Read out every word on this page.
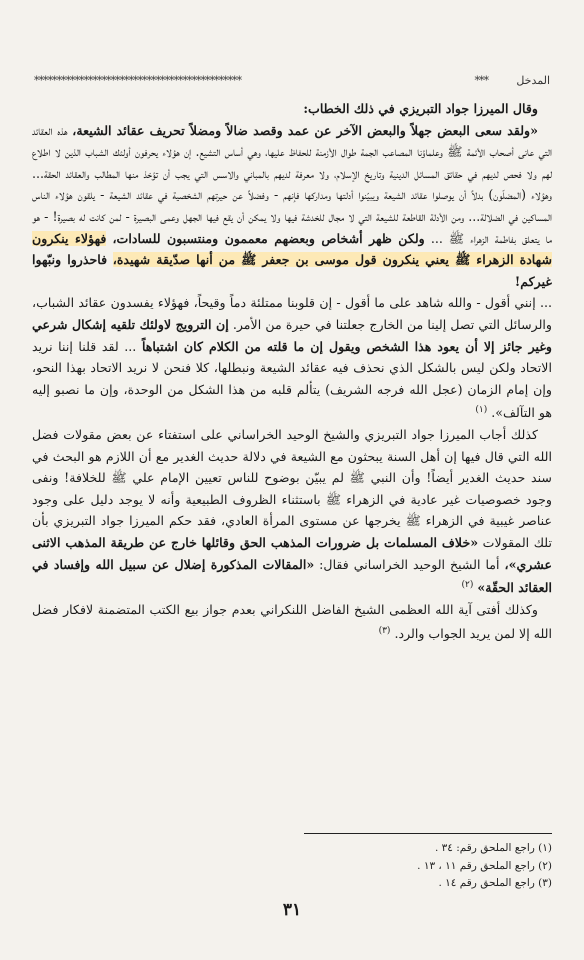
المدخل
***
**********************************************

وقال الميرزا جواد التبريزي في ذلك الخطاب:

«ولقد سعى البعض جهلاً والبعض الآخر عن عمد وقصد ضالاً ومضلاً تحريف عقائد الشيعة، هذه العقائد التي عانى أصحاب الأئمة ﷺ وعلماؤنا المصاعب الجمة طوال الأزمنة للحفاظ عليها، وهي أساس التشيع. إن هؤلاء يحرفون أولئك الشباب الذين لا اطلاع لهم ولا فحص لديهم في حقائق المسائل الدينية وتاريخ الإسلام، ولا معرفة لديهم بالمباني والاسس التي يجب أن تؤخذ منها المطالب والعقائد الحقة... وهؤلاء (المضلّون) بدلاً أن يوصلوا عقائد الشيعة ويبيّنوا أدلتها ومداركها فإنهم - وفضلاً عن حيرتهم الشخصية في عقائد الشيعة - يلقون هؤلاء الناس المساكين في الضلالة... ومن الأدلة القاطعة للشيعة التي لا مجال للخدشة فيها ولا يمكن أن يقع فيها الجهل وعمى البصيرة - لمن كانت له بصيرة! - هو ما يتعلق بفاطمة الزهراء ﷺ ... ولكن ظهر أشخاص وبعضهم معممون ومنتسبون للسادات، فهؤلاء ينكرون شهادة الزهراء ﷺ يعني ينكرون قول موسى بن جعفر ﷺ من أنها صدّيقة شهيدة، فاحذروا ونبّهوا غيركم!

... إنني أقول - والله شاهد على ما أقول - إن قلوبنا ممتلئة دماً وقيحاً، فهؤلاء يفسدون عقائد الشباب، والرسائل التي تصل إلينا من الخارج جعلتنا في حيرة من الأمر. إن الترويج لاولئك تلقيه إشكال شرعي وغير جائز إلا أن يعود هذا الشخص ويقول إن ما قلته من الكلام كان اشتباهاً ... لقد قلنا إننا نريد الاتحاد ولكن ليس بالشكل الذي نحذف فيه عقائد الشيعة ونبطلها، كلا فنحن لا نريد الاتحاد بهذا النحو، وإن إمام الزمان (عجل الله فرجه الشريف) يتألم قلبه من هذا الشكل من الوحدة، وإن ما نصبو إليه هو التآلف». $^{(١)}$

كذلك أجاب الميرزا جواد التبريزي والشيخ الوحيد الخراساني على استفتاء عن بعض مقولات فضل الله التي قال فيها إن أهل السنة يبحثون مع الشيعة في دلالة حديث الغدير مع أن اللازم هو البحث في سند حديث الغدير أيضاً! وأن النبي ﷺ لم يبيّن بوضوح للناس تعيين الإمام علي ﷺ للخلافة! ونفى وجود خصوصيات غير عادية في الزهراء ﷺ باستثناء الظروف الطبيعية وأنه لا يوجد دليل على وجود عناصر غيبية في الزهراء ﷺ يخرجها عن مستوى المرأة العادي، فقد حكم الميرزا جواد التبريزي بأن تلك المقولات «خلاف المسلمات بل ضرورات المذهب الحق وقائلها خارج عن طريقة المذهب الاثنى عشري»، أما الشيخ الوحيد الخراساني فقال: «المقالات المذكورة إضلال عن سبيل الله وإفساد في العقائد الحقّة» $^{(٢)}$

وكذلك أفتى آية الله العظمى الشيخ الفاضل اللنكراني بعدم جواز بيع الكتب المتضمنة لافكار فضل الله إلا لمن يريد الجواب والرد. $^{(٣)}$

(١) راجع الملحق رقم: ٣٤ .
(٢) راجع الملحق رقم ١١ ، ١٣ .
(٣) راجع الملحق رقم ١٤ .
٣١
